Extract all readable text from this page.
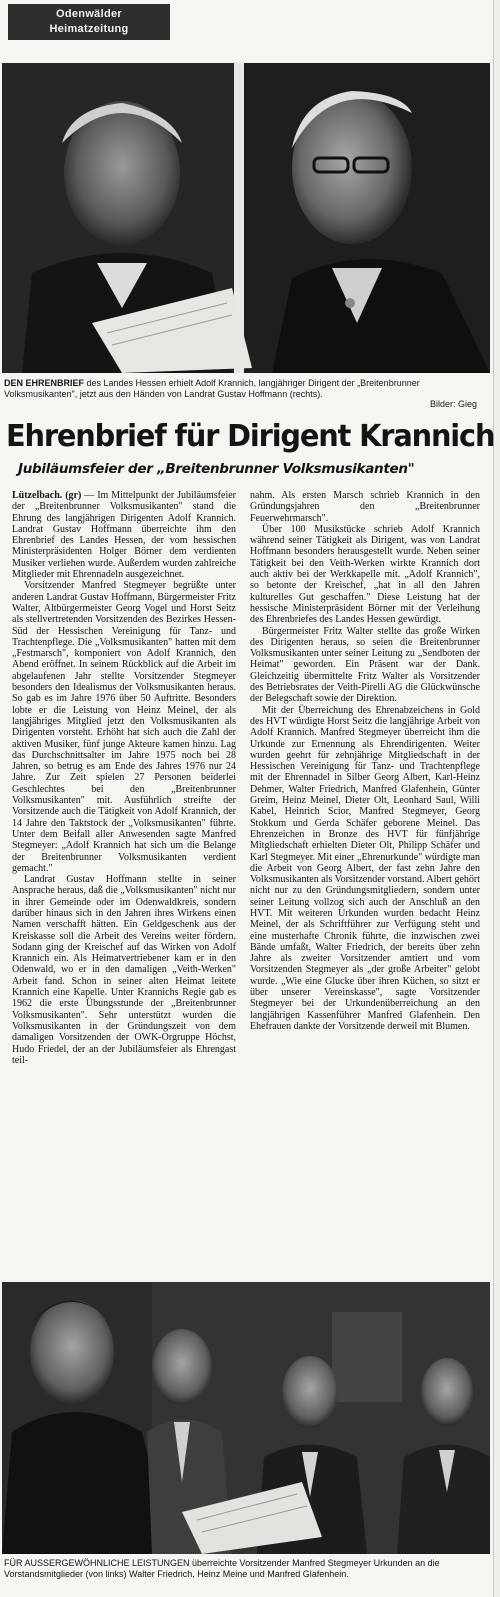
Odenwälder
Heimatzeitung
DEN EHRENBRIEF des Landes Hessen erhielt Adolf Krannich, langjähriger Dirigent der „Breitenbrunner Volksmusikanten", jetzt aus den Händen von Landrat Gustav Hoffmann (rechts).
Bilder: Gieg
Ehrenbrief für Dirigent Krannich
Jubiläumsfeier der „Breitenbrunner Volksmusikanten"

Lützelbach. (gr) — Im Mittelpunkt der Jubiläumsfeier der „Breitenbrunner Volksmusikanten" stand die Ehrung des langjährigen Dirigenten Adolf Krannich. Landrat Gustav Hoffmann überreichte ihm den Ehrenbrief des Landes Hessen, der vom hessischen Ministerpräsidenten Holger Börner dem verdienten Musiker verliehen wurde. Außerdem wurden zahlreiche Mitglieder mit Ehrennadeln ausgezeichnet.

Vorsitzender Manfred Stegmeyer begrüßte unter anderen Landrat Gustav Hoffmann, Bürgermeister Fritz Walter, Altbürgermeister Georg Vogel und Horst Seitz als stellvertretenden Vorsitzenden des Bezirkes Hessen-Süd der Hessischen Vereinigung für Tanz- und Trachtenpflege. Die „Volksmusikanten" hatten mit dem „Festmarsch", komponiert von Adolf Krannich, den Abend eröffnet. In seinem Rückblick auf die Arbeit im abgelaufenen Jahr stellte Vorsitzender Stegmeyer besonders den Idealismus der Volksmusikanten heraus. So gab es im Jahre 1976 über 50 Auftritte. Besonders lobte er die Leistung von Heinz Meinel, der als langjähriges Mitglied jetzt den Volksmusikanten als Dirigenten vorsteht. Erhöht hat sich auch die Zahl der aktiven Musiker, fünf junge Akteure kamen hinzu. Lag das Durchschnittsalter im Jahre 1975 noch bei 28 Jahren, so betrug es am Ende des Jahres 1976 nur 24 Jahre. Zur Zeit spielen 27 Personen beiderlei Geschlechtes bei den „Breitenbrunner Volksmusikanten" mit. Ausführlich streifte der Vorsitzende auch die Tätigkeit von Adolf Krannich, der 14 Jahre den Taktstock der „Volksmusikanten" führte. Unter dem Beifall aller Anwesenden sagte Manfred Stegmeyer: „Adolf Krannich hat sich um die Belange der Breitenbrunner Volksmusikanten verdient gemacht."

Landrat Gustav Hoffmann stellte in seiner Ansprache heraus, daß die „Volksmusikanten" nicht nur in ihrer Gemeinde oder im Odenwaldkreis, sondern darüber hinaus sich in den Jahren ihres Wirkens einen Namen verschafft hätten. Ein Geldgeschenk aus der Kreiskasse soll die Arbeit des Vereins weiter fördern. Sodann ging der Kreischef auf das Wirken von Adolf Krannich ein. Als Heimatvertriebener kam er in den Odenwald, wo er in den damaligen „Veith-Werken" Arbeit fand. Schon in seiner alten Heimat leitete Krannich eine Kapelle. Unter Krannichs Regie gab es 1962 die erste Übungsstunde der „Breitenbrunner Volksmusikanten". Sehr unterstützt wurden die Volksmusikanten in der Gründungszeit von dem damaligen Vorsitzenden der OWK-Orgruppe Höchst, Hudo Friedel, der an der Jubiläumsfeier als Ehrengast teil-

nahm. Als ersten Marsch schrieb Krannich in den Gründungsjahren den „Breitenbrunner Feuerwehrmarsch".

Über 100 Musikstücke schrieb Adolf Krannich während seiner Tätigkeit als Dirigent, was von Landrat Hoffmann besonders herausgestellt wurde. Neben seiner Tätigkeit bei den Veith-Werken wirkte Krannich dort auch aktiv bei der Werkkapelle mit. „Adolf Krannich", so betonte der Kreischef, „hat in all den Jahren kulturelles Gut geschaffen." Diese Leistung hat der hessische Ministerpräsident Börner mit der Verleihung des Ehrenbriefes des Landes Hessen gewürdigt.

Bürgermeister Fritz Walter stellte das große Wirken des Dirigenten heraus, so seien die Breitenbrunner Volksmusikanten unter seiner Leitung zu „Sendboten der Heimat" geworden. Ein Präsent war der Dank. Gleichzeitig übermittelte Fritz Walter als Vorsitzender des Betriebsrates der Veith-Pirelli AG die Glückwünsche der Belegschaft sowie der Direktion.

Mit der Überreichung des Ehrenabzeichens in Gold des HVT würdigte Horst Seitz die langjährige Arbeit von Adolf Krannich. Manfred Stegmeyer überreicht ihm die Urkunde zur Ernennung als Ehrendirigenten. Weiter wurden geehrt für zehnjährige Mitgliedschaft in der Hessischen Vereinigung für Tanz- und Trachtenpflege mit der Ehrennadel in Silber Georg Albert, Karl-Heinz Dehmer, Walter Friedrich, Manfred Glafenhein, Günter Greim, Heinz Meinel, Dieter Olt, Leonhard Saul, Willi Kabel, Heinrich Scior, Manfred Stegmeyer, Georg Stokkum und Gerda Schäfer geborene Meinel. Das Ehrenzeichen in Bronze des HVT für fünfjährige Mitgliedschaft erhielten Dieter Olt, Philipp Schäfer und Karl Stegmeyer. Mit einer „Ehrenurkunde" würdigte man die Arbeit von Georg Albert, der fast zehn Jahre den Volksmusikanten als Vorsitzender vorstand. Albert gehört nicht nur zu den Gründungsmitgliedern, sondern unter seiner Leitung vollzog sich auch der Anschluß an den HVT. Mit weiteren Urkunden wurden bedacht Heinz Meinel, der als Schriftführer zur Verfügung steht und eine musterhafte Chronik führte, die inzwischen zwei Bände umfaßt, Walter Friedrich, der bereits über zehn Jahre als zweiter Vorsitzender amtiert und vom Vorsitzenden Stegmeyer als „der große Arbeiter" gelobt wurde. „Wie eine Glucke über ihren Küchen, so sitzt er über unserer Vereinskasse", sagte Vorsitzender Stegmeyer bei der Urkundenüberreichung an den langjährigen Kassenführer Manfred Glafenhein. Den Ehefrauen dankte der Vorsitzende derweil mit Blumen.

FÜR AUSSERGEWÖHNLICHE LEISTUNGEN überreichte Vorsitzender Manfred Stegmeyer Urkunden an die Vorstandsmitglieder (von links) Walter Friedrich, Heinz Meine und Manfred Glafenhein.
